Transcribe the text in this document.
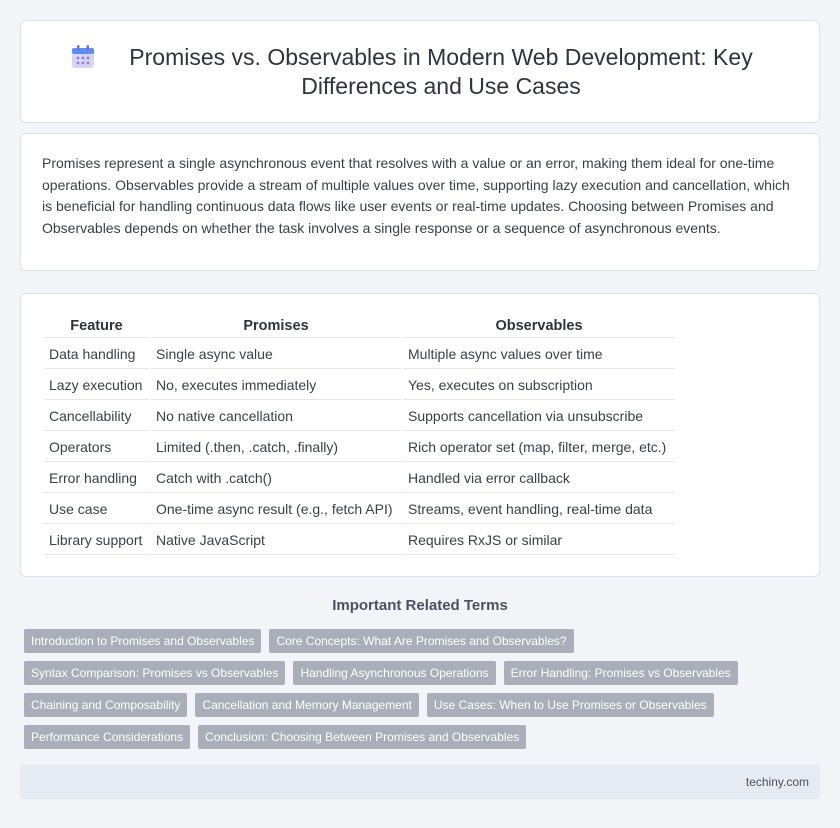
Promises vs. Observables in Modern Web Development: Key Differences and Use Cases

Promises represent a single asynchronous event that resolves with a value or an error, making them ideal for one-time operations. Observables provide a stream of multiple values over time, supporting lazy execution and cancellation, which is beneficial for handling continuous data flows like user events or real-time updates. Choosing between Promises and Observables depends on whether the task involves a single response or a sequence of asynchronous events.

Feature	Promises	Observables
Data handling	Single async value	Multiple async values over time
Lazy execution	No, executes immediately	Yes, executes on subscription
Cancellability	No native cancellation	Supports cancellation via unsubscribe
Operators	Limited (.then, .catch, .finally)	Rich operator set (map, filter, merge, etc.)
Error handling	Catch with .catch()	Handled via error callback
Use case	One-time async result (e.g., fetch API)	Streams, event handling, real-time data
Library support	Native JavaScript	Requires RxJS or similar
Important Related Terms
Introduction to Promises and Observables	Core Concepts: What Are Promises and Observables?
Syntax Comparison: Promises vs Observables	Handling Asynchronous Operations	Error Handling: Promises vs Observables
Chaining and Composability	Cancellation and Memory Management	Use Cases: When to Use Promises or Observables
Performance Considerations	Conclusion: Choosing Between Promises and Observables
techiny.com
